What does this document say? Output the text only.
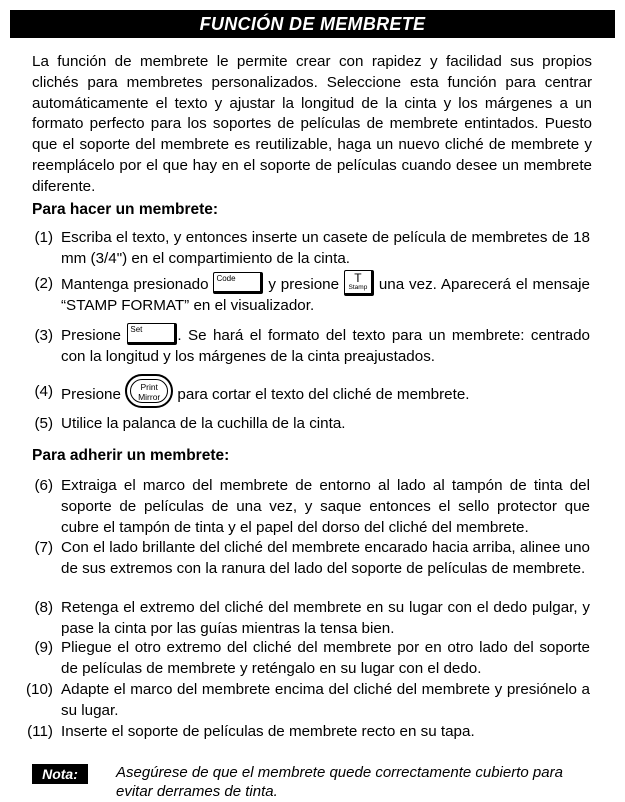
FUNCIÓN DE MEMBRETE
La función de membrete le permite crear con rapidez y facilidad sus propios clichés para membretes personalizados. Seleccione esta función para centrar automáticamente el texto y ajustar la longitud de la cinta y los márgenes a un formato perfecto para los soportes de películas de membrete entintados. Puesto que el soporte del membrete es reutilizable, haga un nuevo cliché de membrete y reemplácelo por el que hay en el soporte de películas cuando desee un membrete diferente.
Para hacer un membrete:
(1) Escriba el texto, y entonces inserte un casete de película de membretes de 18 mm (3/4") en el compartimiento de la cinta.
(2) Mantenga presionado Code y presione	T
Stamp una vez. Aparecerá el mensaje “STAMP FORMAT” en el visualizador.
(3) Presione Set . Se hará el formato del texto para un membrete: centrado con la longitud y los márgenes de la cinta preajustados.
(4) Presione Print
Mirror para cortar el texto del cliché de membrete.
(5) Utilice la palanca de la cuchilla de la cinta.
Para adherir un membrete:
(6) Extraiga el marco del membrete de entorno al lado al tampón de tinta del soporte de películas de una vez, y saque entonces el sello protector que cubre el tampón de tinta y el papel del dorso del cliché del membrete.
(7) Con el lado brillante del cliché del membrete encarado hacia arriba, alinee uno de sus extremos con la ranura del lado del soporte de películas de membrete.
(8) Retenga el extremo del cliché del membrete en su lugar con el dedo pulgar, y pase la cinta por las guías mientras la tensa bien.
(9) Pliegue el otro extremo del cliché del membrete por en otro lado del soporte de películas de membrete y reténgalo en su lugar con el dedo.
(10) Adapte el marco del membrete encima del cliché del membrete y presiónelo a su lugar.
(11) Inserte el soporte de películas de membrete recto en su tapa.
Nota:	Asegúrese de que el membrete quede correctamente cubierto para evitar derrames de tinta.
